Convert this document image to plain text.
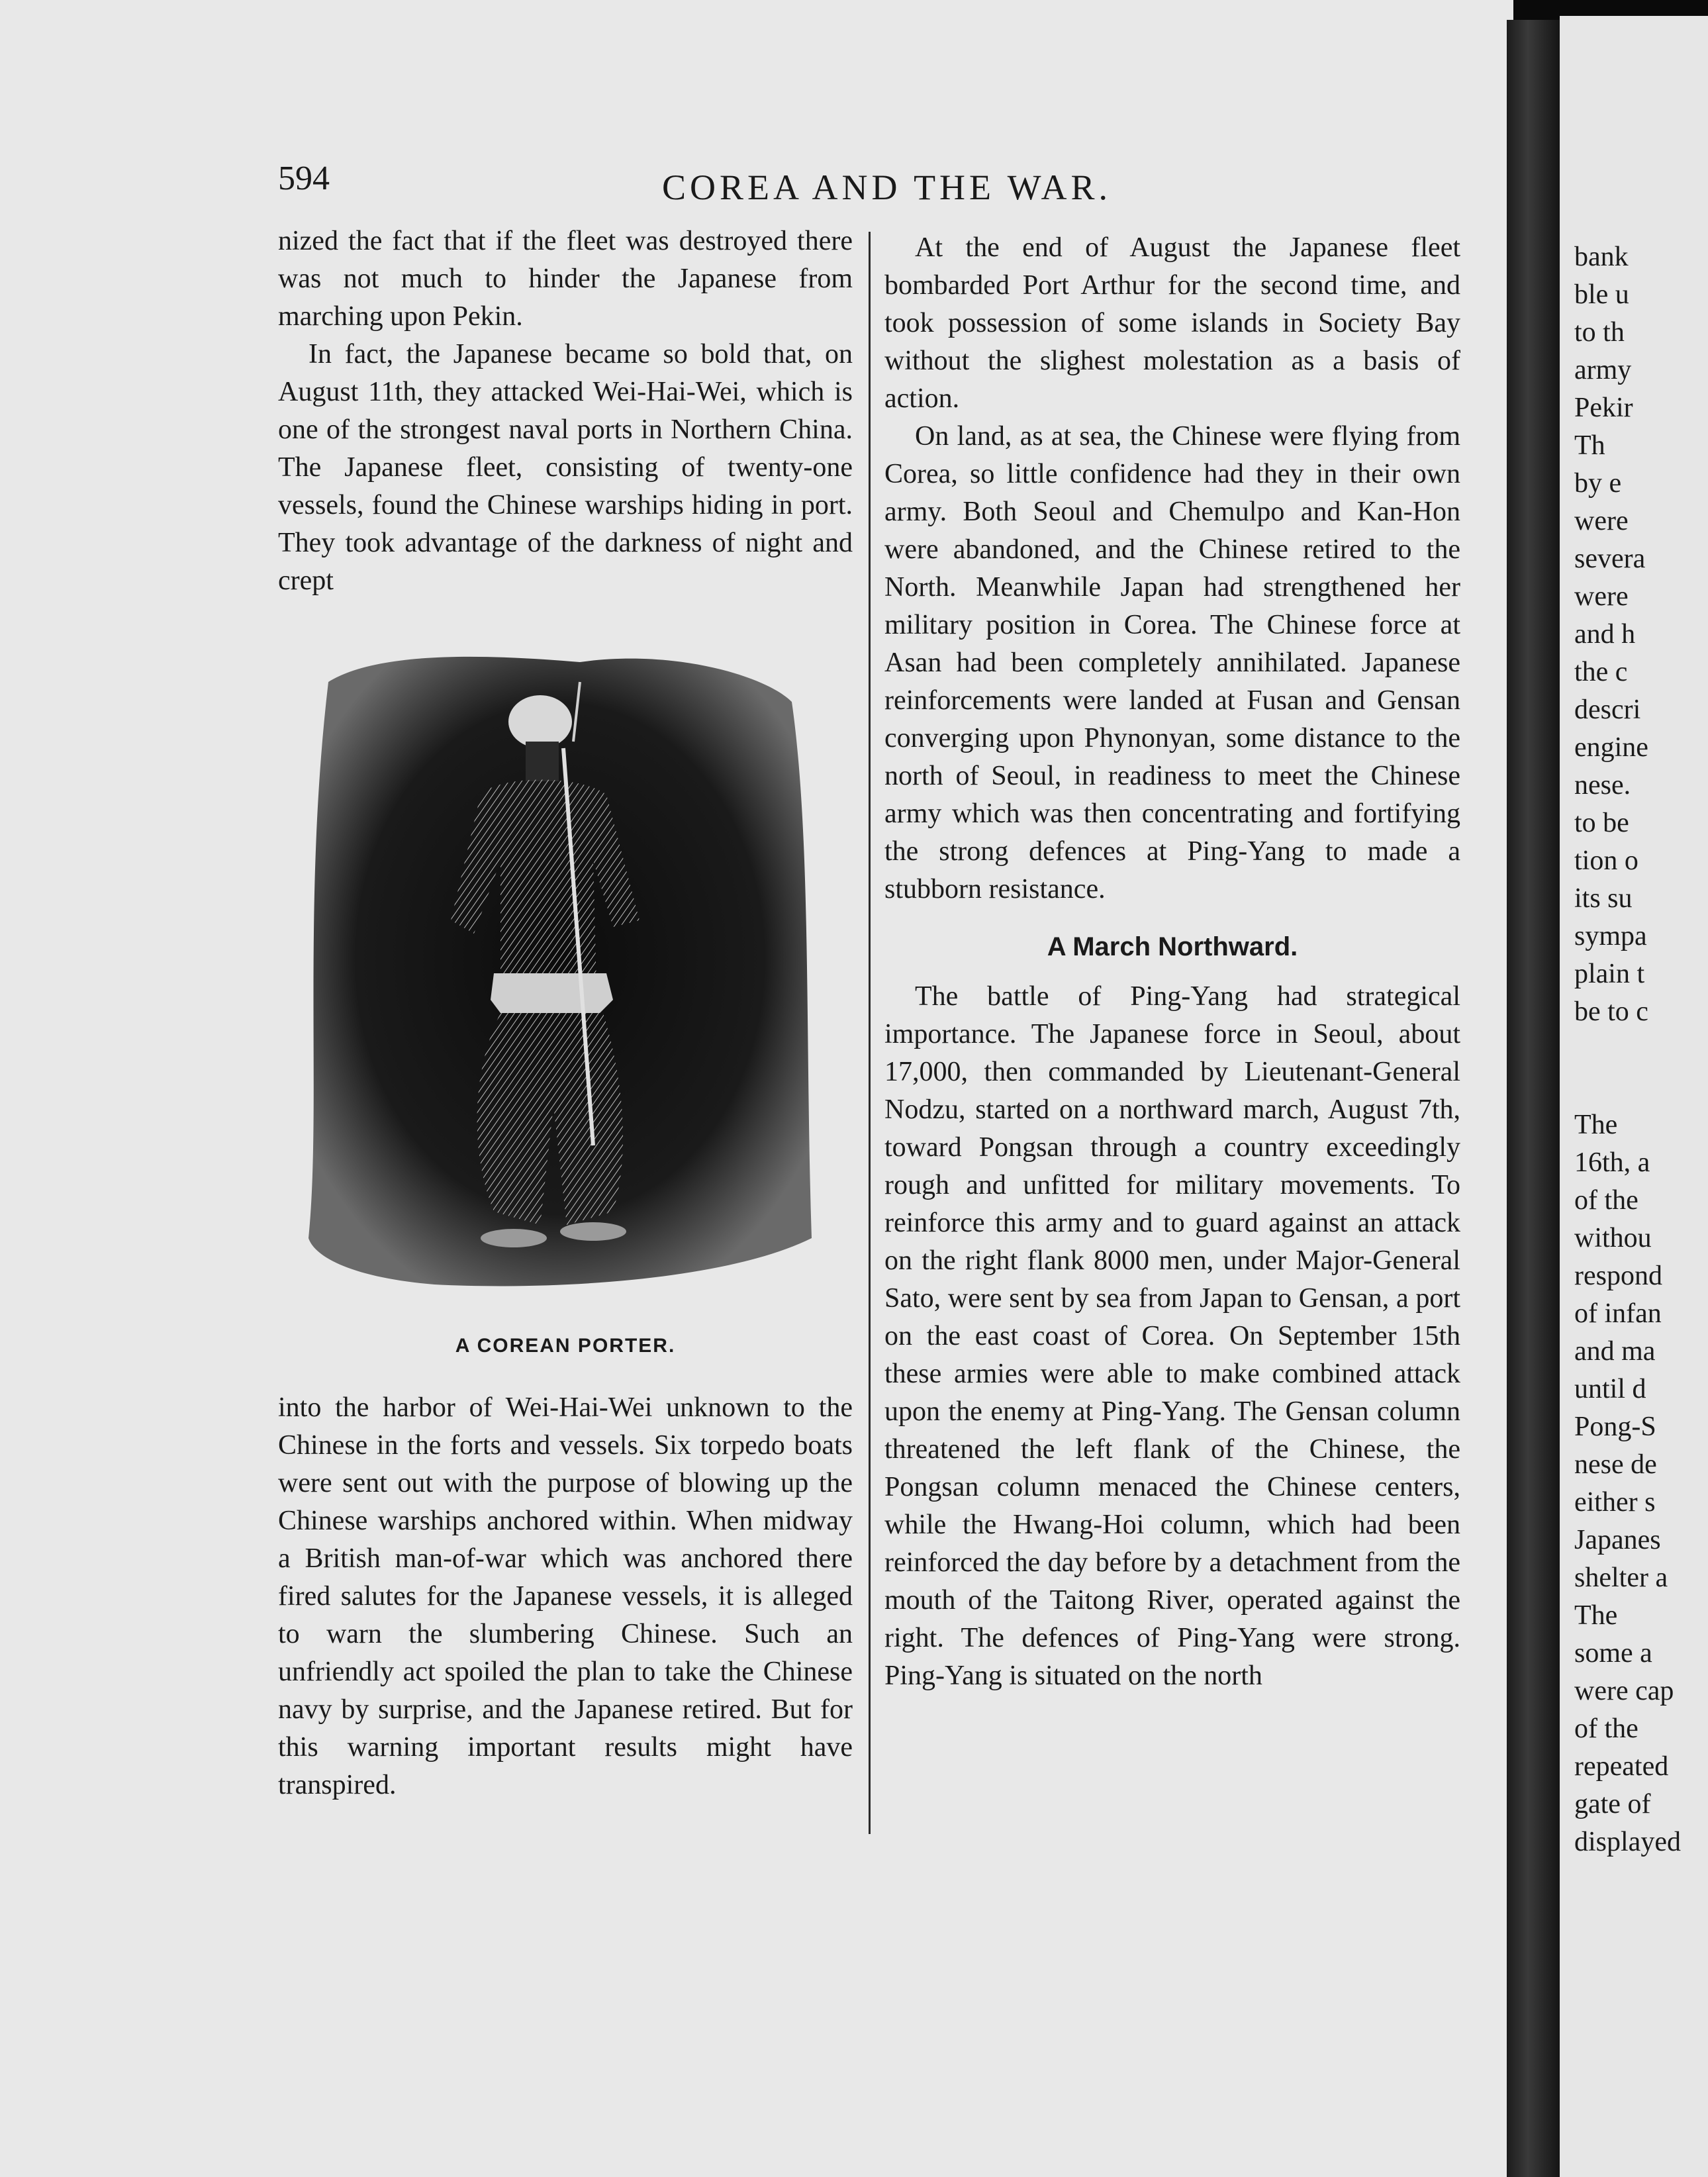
594	COREA AND THE WAR.

nized the fact that if the fleet was destroyed there was not much to hinder the Japanese from marching upon Pekin.

In fact, the Japanese became so bold that, on August 11th, they attacked Wei-Hai-Wei, which is one of the strongest naval ports in Northern China. The Japanese fleet, consisting of twenty-one vessels, found the Chinese warships hiding in port. They took advantage of the darkness of night and crept

A COREAN PORTER.

into the harbor of Wei-Hai-Wei unknown to the Chinese in the forts and vessels. Six torpedo boats were sent out with the purpose of blowing up the Chinese warships anchored within. When midway a British man-of-war which was anchored there fired salutes for the Japanese vessels, it is alleged to warn the slumbering Chinese. Such an unfriendly act spoiled the plan to take the Chinese navy by surprise, and the Japanese retired. But for this warning important results might have transpired.

At the end of August the Japanese fleet bombarded Port Arthur for the second time, and took possession of some islands in Society Bay without the slighest molestation as a basis of action.

On land, as at sea, the Chinese were flying from Corea, so little confidence had they in their own army. Both Seoul and Chemulpo and Kan-Hon were abandoned, and the Chinese retired to the North. Meanwhile Japan had strengthened her military position in Corea. The Chinese force at Asan had been completely annihilated. Japanese reinforcements were landed at Fusan and Gensan converging upon Phynonyan, some distance to the north of Seoul, in readiness to meet the Chinese army which was then concentrating and fortifying the strong defences at Ping-Yang to made a stubborn resistance.

A March Northward.

The battle of Ping-Yang had strategical importance. The Japanese force in Seoul, about 17,000, then commanded by Lieutenant-General Nodzu, started on a northward march, August 7th, toward Pongsan through a country exceedingly rough and unfitted for military movements. To reinforce this army and to guard against an attack on the right flank 8000 men, under Major-General Sato, were sent by sea from Japan to Gensan, a port on the east coast of Corea. On September 15th these armies were able to make combined attack upon the enemy at Ping-Yang. The Gensan column threatened the left flank of the Chinese, the Pongsan column menaced the Chinese centers, while the Hwang-Hoi column, which had been reinforced the day before by a detachment from the mouth of the Taitong River, operated against the right. The defences of Ping-Yang were strong. Ping-Yang is situated on the north

bank
ble u
to th
army
Pekir
Th
by e
were
severa
were
and h
the c
descri
engine
nese.
to be
tion o
its su
sympa
plain t
be to c
The
16th, a
of the
withou
respond
of infan
and ma
until d
Pong-S
nese de
either s
Japanes
shelter a
The
some a
were cap
of the
repeated
gate of
displayed
